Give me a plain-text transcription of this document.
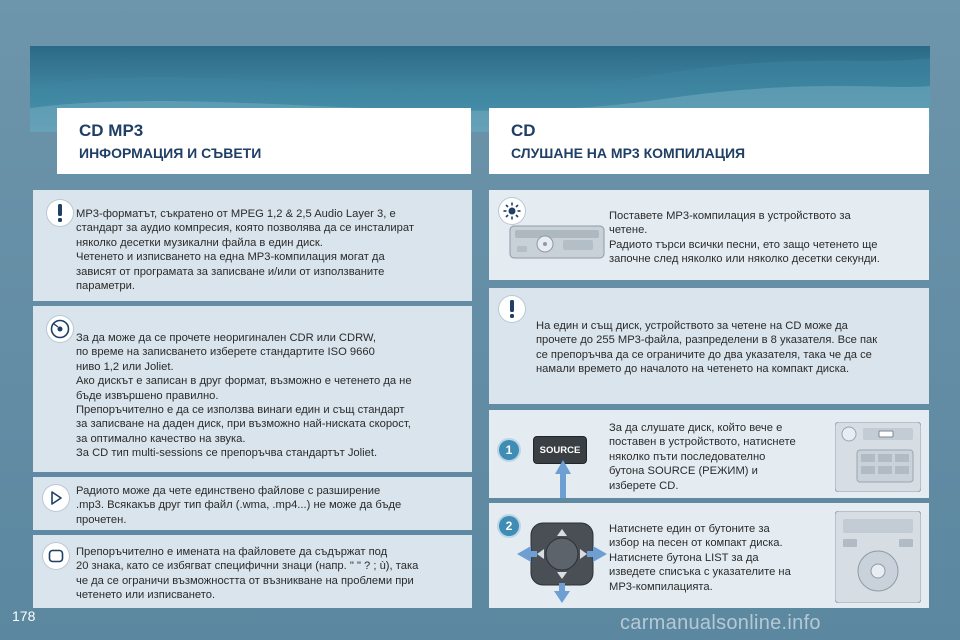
CD MP3
ИНФОРМАЦИЯ И СЪВЕТИ
CD
СЛУШАНЕ НА МР3 КОМПИЛАЦИЯ
МР3-форматът, съкратено от МРЕG 1,2 & 2,5 Audio Layer 3, е
стандарт за аудио компресия, която позволява да се инсталират
няколко десетки музикални файла в един диск.
Четенето и изписването на една МР3-компилация могат да
зависят от програмата за записване и/или от използваните
параметри.
За да може да се прочете неоригинален CDR или CDRW,
по време на записването изберете стандартите ISO 9660
ниво 1,2 или Joliet.
Ако дискът е записан в друг формат, възможно е четенето да не
бъде извършено правилно.
Препоръчително е да се използва винаги един и същ стандарт
за записване на даден диск, при възможно най-ниската скорост,
за оптимално качество на звука.
За CD тип multi-sessions се препоръчва стандартът Joliet.
Радиото може да чете единствено файлове с разширение
.mp3. Всякакъв друг тип файл (.wma, .mp4...) не може да бъде
прочетен.
Препоръчително е имената на файловете да съдържат под
20 знака, като се избягват специфични знаци (напр. " " ? ; ù), така
че да се ограничи възможността от възникване на проблеми при
четенето или изписването.
Поставете МР3-компилация в устройството за
четене.
Радиото търси всички песни, ето защо четенето ще
започне след няколко или няколко десетки секунди.
На един и същ диск, устройството за четене на CD може да
прочете до 255 МР3-файла, разпределени в 8 указателя. Все пак
се препоръчва да се ограничите до два указателя, така че да се
намали времето до началото на четенето на компакт диска.
1	SOURCE
За да слушате диск, който вече е
поставен в устройството, натиснете
няколко пъти последователно
бутона SOURCE (РЕЖИМ) и
изберете CD.
2	Натиснете един от бутоните за
избор на песен от компакт диска.
Натиснете бутона LIST за да
изведете списъка с указателите на
МР3-компилацията.
178	carmanualsonline.info
